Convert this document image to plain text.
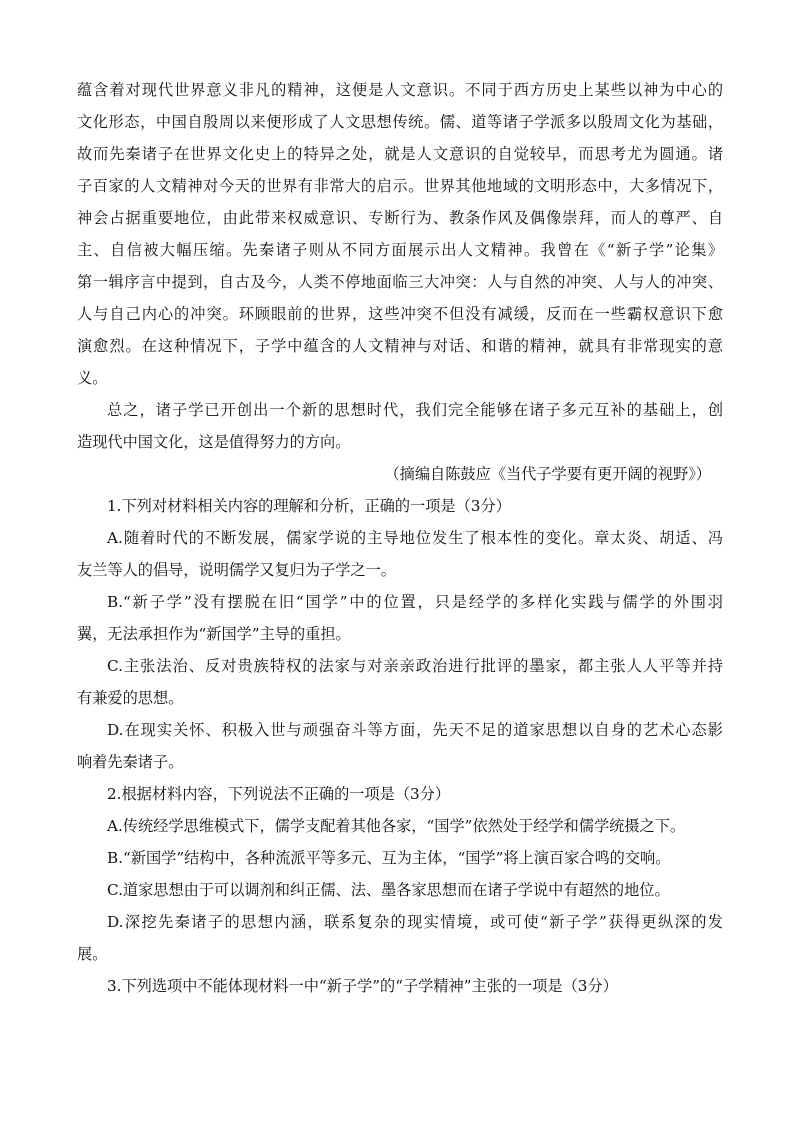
蕴含着对现代世界意义非凡的精神，这便是人文意识。不同于西方历史上某些以神为中心的
文化形态，中国自殷周以来便形成了人文思想传统。儒、道等诸子学派多以殷周文化为基础，
故而先秦诸子在世界文化史上的特异之处，就是人文意识的自觉较早，而思考尤为圆通。诸
子百家的人文精神对今天的世界有非常大的启示。世界其他地域的文明形态中，大多情况下，
神会占据重要地位，由此带来权威意识、专断行为、教条作风及偶像崇拜，而人的尊严、自
主、自信被大幅压缩。先秦诸子则从不同方面展示出人文精神。我曾在《“新子学”论集》
第一辑序言中提到，自古及今，人类不停地面临三大冲突：人与自然的冲突、人与人的冲突、
人与自己内心的冲突。环顾眼前的世界，这些冲突不但没有减缓，反而在一些霸权意识下愈
演愈烈。在这种情况下，子学中蕴含的人文精神与对话、和谐的精神，就具有非常现实的意
义。
总之，诸子学已开创出一个新的思想时代，我们完全能够在诸子多元互补的基础上，创
造现代中国文化，这是值得努力的方向。
（摘编自陈鼓应《当代子学要有更开阔的视野》）
1.下列对材料相关内容的理解和分析，正确的一项是（3分）
A.随着时代的不断发展，儒家学说的主导地位发生了根本性的变化。章太炎、胡适、冯
友兰等人的倡导，说明儒学又复归为子学之一。
B.“新子学”没有摆脱在旧“国学”中的位置，只是经学的多样化实践与儒学的外围羽
翼，无法承担作为“新国学”主导的重担。
C.主张法治、反对贵族特权的法家与对亲亲政治进行批评的墨家，都主张人人平等并持
有兼爱的思想。
D.在现实关怀、积极入世与顽强奋斗等方面，先天不足的道家思想以自身的艺术心态影
响着先秦诸子。
2.根据材料内容，下列说法不正确的一项是（3分）
A.传统经学思维模式下，儒学支配着其他各家，“国学”依然处于经学和儒学统摄之下。
B.“新国学”结构中，各种流派平等多元、互为主体，“国学”将上演百家合鸣的交响。
C.道家思想由于可以调剂和纠正儒、法、墨各家思想而在诸子学说中有超然的地位。
D.深挖先秦诸子的思想内涵，联系复杂的现实情境，或可使“新子学”获得更纵深的发
展。
3.下列选项中不能体现材料一中“新子学”的“子学精神”主张的一项是（3分）
